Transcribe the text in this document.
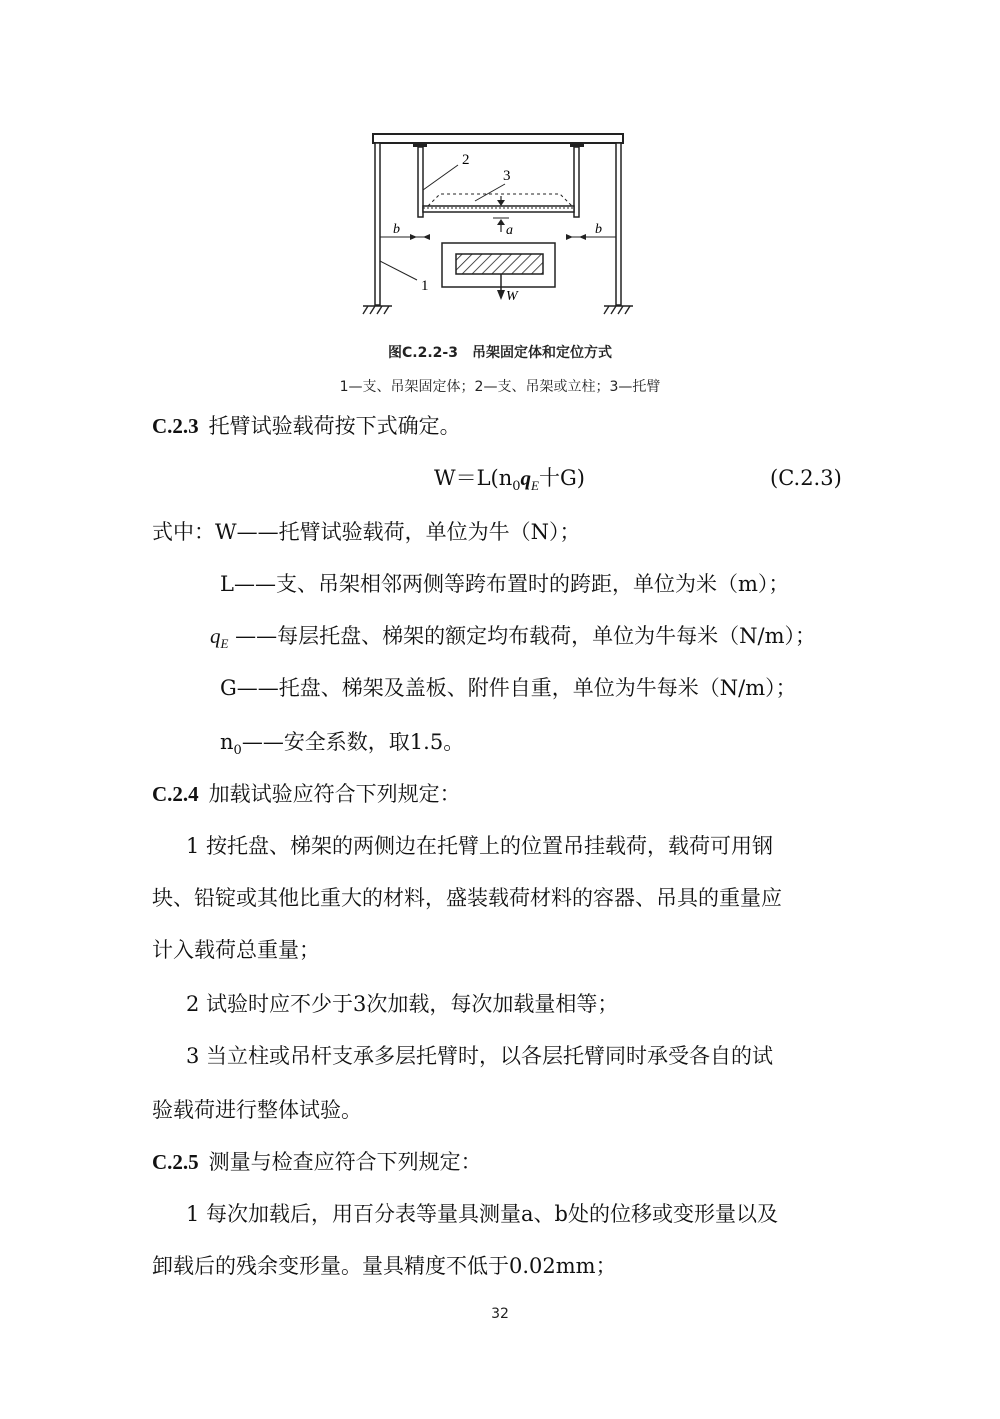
2
3
a
b	b
W
1
图C.2.2-3　吊架固定体和定位方式
1—支、吊架固定体；2—支、吊架或立柱；3—托臂
C.2.3 托臂试验载荷按下式确定。
$W=L(n_0q_E$十G)	(C.2.3)
式中：W——托臂试验载荷，单位为牛（N）；
L——支、吊架相邻两侧等跨布置时的跨距，单位为米（m）；
$q_E$ ——每层托盘、梯架的额定均布载荷，单位为牛每米（N/m）；
G——托盘、梯架及盖板、附件自重，单位为牛每米（N/m）；
$n_0——$安全系数，取1.5。
C.2.4 加载试验应符合下列规定：
1 按托盘、梯架的两侧边在托臂上的位置吊挂载荷，载荷可用钢
块、铅锭或其他比重大的材料，盛装载荷材料的容器、吊具的重量应
计入载荷总重量；
2 试验时应不少于3次加载，每次加载量相等；
3 当立柱或吊杆支承多层托臂时，以各层托臂同时承受各自的试
验载荷进行整体试验。
C.2.5 测量与检查应符合下列规定：
1 每次加载后，用百分表等量具测量a、b处的位移或变形量以及
卸载后的残余变形量。量具精度不低于0.02mm；
32
